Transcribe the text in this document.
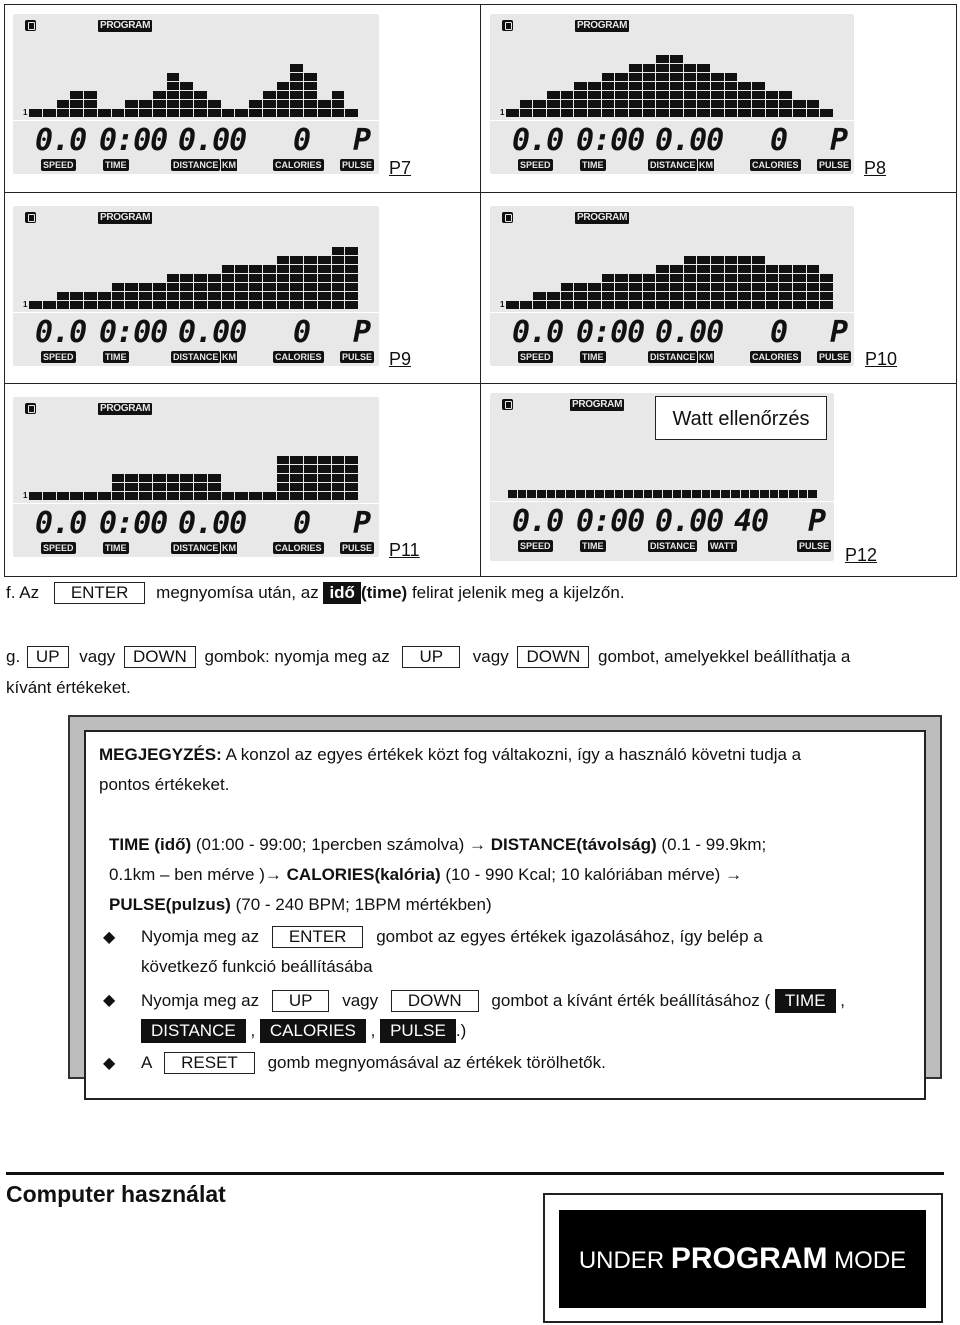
PROGRAM
1
0.0 0:00 0.00 0 P
SPEED	TIME	DISTANCE	CALORIES PULSE
KM
PROGRAM
1
0.0 0:00 0.00 0 P
SPEED	TIME	DISTANCE	CALORIES PULSE
KM
PROGRAM
1
0.0 0:00 0.00 0 P
SPEED	TIME	DISTANCE	CALORIES PULSE
KM
PROGRAM
1
0.0 0:00 0.00 0 P
SPEED	TIME	DISTANCE	CALORIES PULSE
KM
PROGRAM
1
0.0 0:00 0.00 0 P
SPEED	TIME	DISTANCE	CALORIES PULSE
KM
PROGRAM
0.0 0:00 0.00 40 P
SPEED	TIME	DISTANCE WATT	PULSE
Watt ellenőrzés
P7	P8
P9	P10
P11	P12
f. Az ENTER megnyomísa után, az idő (time) felirat jelenik meg a kijelzőn.
g. UP vagy DOWN gombok: nyomja meg az UP vagy DOWN gombot, amelyekkel beállíthatja a
kívánt értékeket.
MEGJEGYZÉS: A konzol az egyes értékek közt fog váltakozni, így a használó követni tudja a
pontos értékeket.
TIME (idő) (01:00 - 99:00; 1percben számolva) → DISTANCE(távolság) (0.1 - 99.9km;
0.1km – ben mérve )→ CALORIES(kalória) (10 - 990 Kcal; 10 kalóriában mérve) →
PULSE(pulzus) (70 - 240 BPM; 1BPM mértékben)
◆ Nyomja meg az ENTER gombot az egyes értékek igazolásához, így belép a
következő funkció beállításába
◆ Nyomja meg az UP vagy DOWN gombot a kívánt érték beállításához ( TIME ,
DISTANCE , CALORIES , PULSE .)
◆ A RESET gomb megnyomásával az értékek törölhetők.
Computer használat
UNDER PROGRAM MODE
